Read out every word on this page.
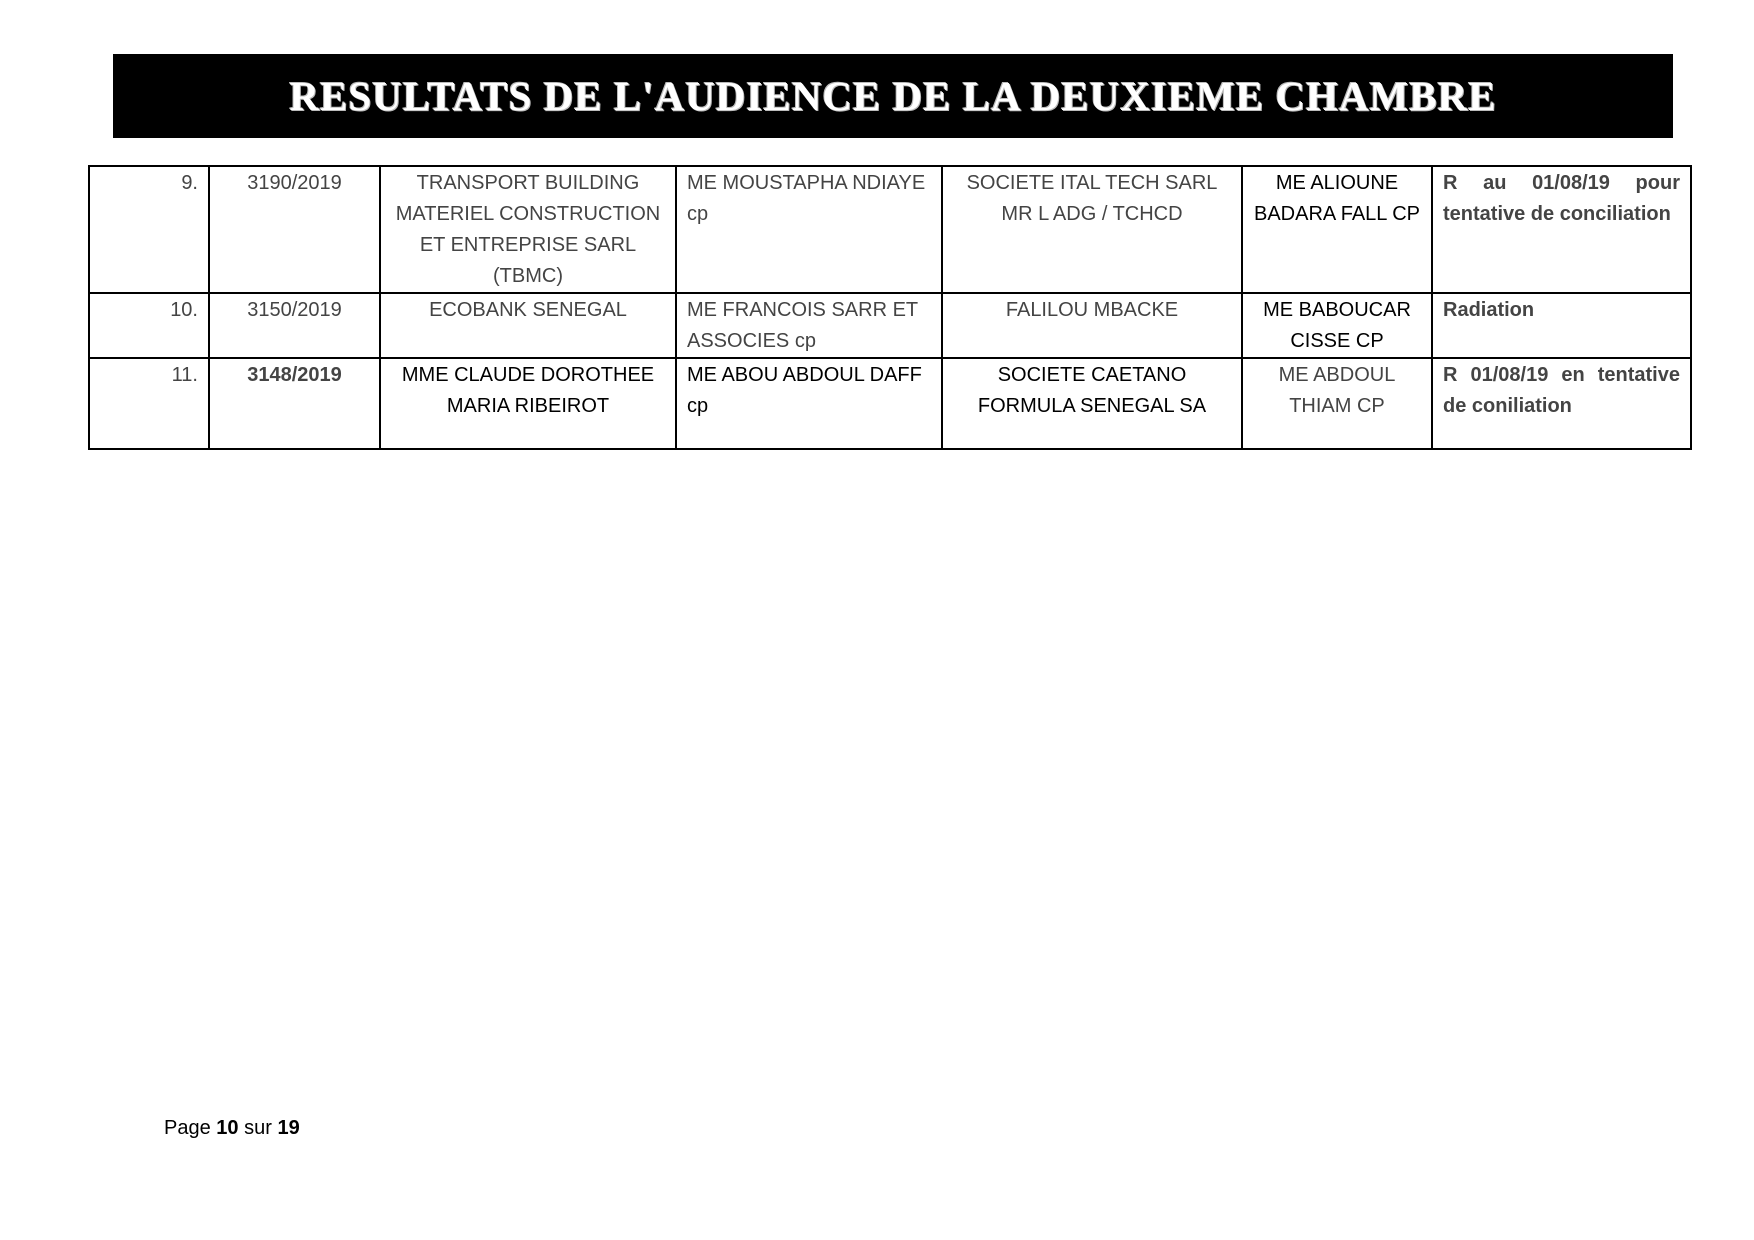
RESULTATS DE L'AUDIENCE DE LA DEUXIEME CHAMBRE
9.	3190/2019	TRANSPORT BUILDING MATERIEL CONSTRUCTION ET ENTREPRISE SARL (TBMC)	ME MOUSTAPHA NDIAYE cp	SOCIETE ITAL TECH SARL MR L ADG / TCHCD	ME ALIOUNE BADARA FALL CP	R au 01/08/19 pour tentative de conciliation
10.	3150/2019	ECOBANK SENEGAL	ME FRANCOIS SARR ET ASSOCIES cp	FALILOU MBACKE	ME BABOUCAR CISSE CP	Radiation
11.	3148/2019	MME CLAUDE DOROTHEE MARIA RIBEIROT	ME ABOU ABDOUL DAFF cp	SOCIETE CAETANO FORMULA SENEGAL SA	ME ABDOUL THIAM CP	R 01/08/19 en tentative de coniliation
Page 10 sur 19
